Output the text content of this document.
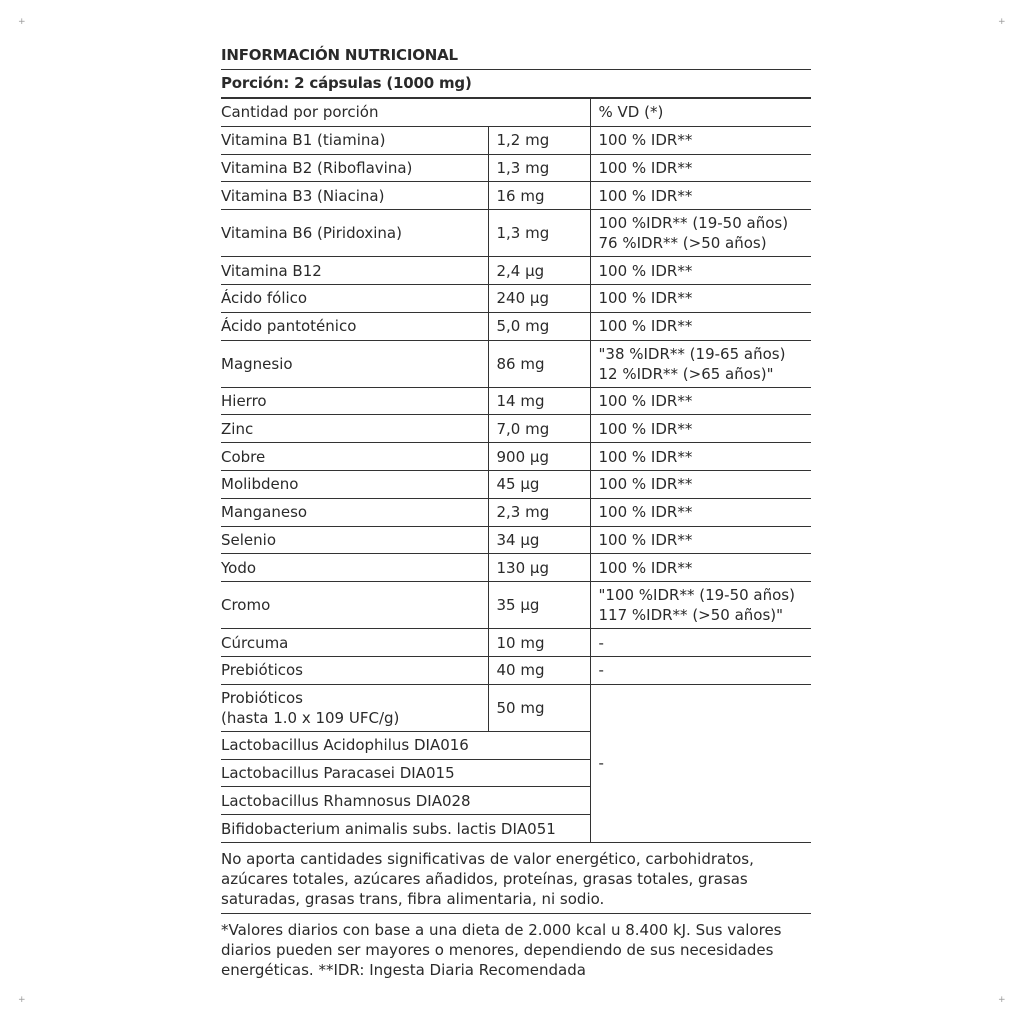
+	+
+	+
INFORMACIÓN NUTRICIONAL
Porción: 2 cápsulas (1000 mg)
Cantidad por porción		% VD (*)
Vitamina B1 (tiamina)	1,2 mg	100 % IDR**
Vitamina B2 (Riboflavina)	1,3 mg	100 % IDR**
Vitamina B3 (Niacina)	16 mg	100 % IDR**
Vitamina B6 (Piridoxina)	1,3 mg	100 %IDR** (19-50 años)
76 %IDR** (>50 años)

Vitamina B12	2,4 µg	100 % IDR**
Ácido fólico	240 µg	100 % IDR**
Ácido pantoténico	5,0 mg	100 % IDR**
Magnesio	86 mg	"38 %IDR** (19-65 años)
12 %IDR** (>65 años)"

Hierro	14 mg	100 % IDR**
Zinc	7,0 mg	100 % IDR**
Cobre	900 µg	100 % IDR**
Molibdeno	45 µg	100 % IDR**
Manganeso	2,3 mg	100 % IDR**
Selenio	34 µg	100 % IDR**
Yodo	130 µg	100 % IDR**
Cromo	35 µg	"100 %IDR** (19-50 años)
117 %IDR** (>50 años)"

Cúrcuma	10 mg	-
Prebióticos	40 mg	-

Probióticos
(hasta 1.0 x 109 UFC/g)	50 mg	-
Lactobacillus Acidophilus DIA016		
Lactobacillus Paracasei DIA015		
Lactobacillus Rhamnosus DIA028		
Bifidobacterium animalis subs. lactis DIA051		
No aporta cantidades significativas de valor energético, carbohidratos, azúcares totales, azúcares añadidos, proteínas, grasas totales, grasas saturadas, grasas trans, fibra alimentaria, ni sodio.
*Valores diarios con base a una dieta de 2.000 kcal u 8.400 kJ. Sus valores diarios pueden ser mayores o menores, dependiendo de sus necesidades energéticas. **IDR: Ingesta Diaria Recomendada
